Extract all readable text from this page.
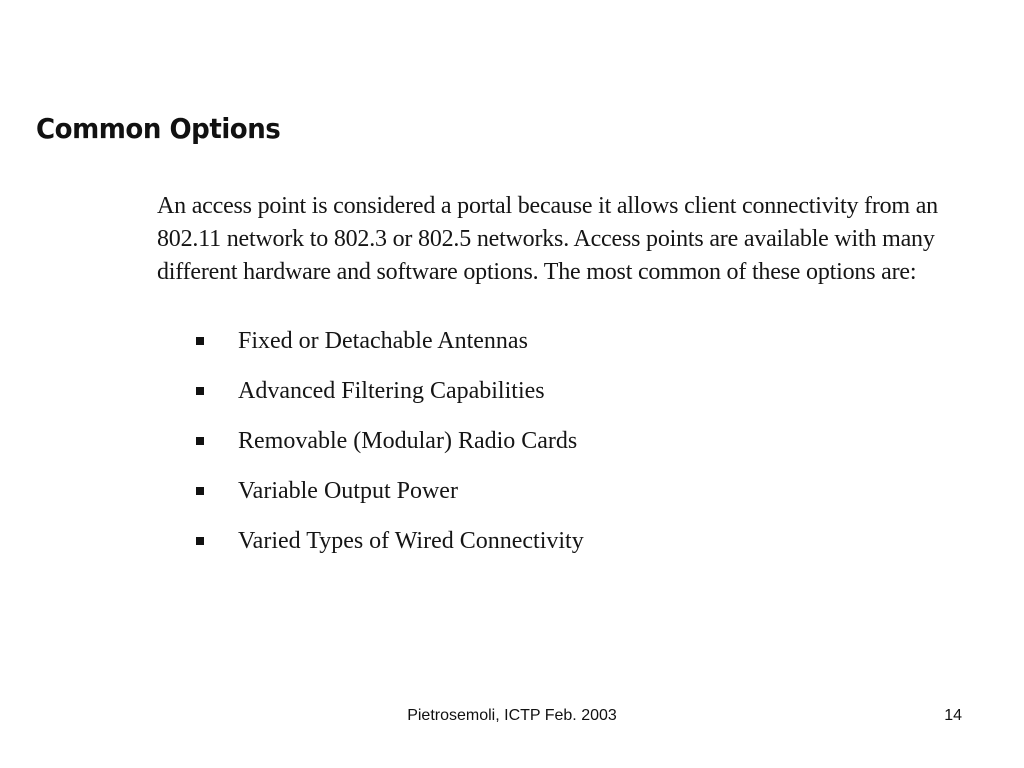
Common Options

An access point is considered a portal because it allows client connectivity from an
802.11 network to 802.3 or 802.5 networks. Access points are available with many
different hardware and software options. The most common of these options are:

Fixed or Detachable Antennas
Advanced Filtering Capabilities
Removable (Modular) Radio Cards
Variable Output Power
Varied Types of Wired Connectivity
Pietrosemoli, ICTP Feb. 2003	14
